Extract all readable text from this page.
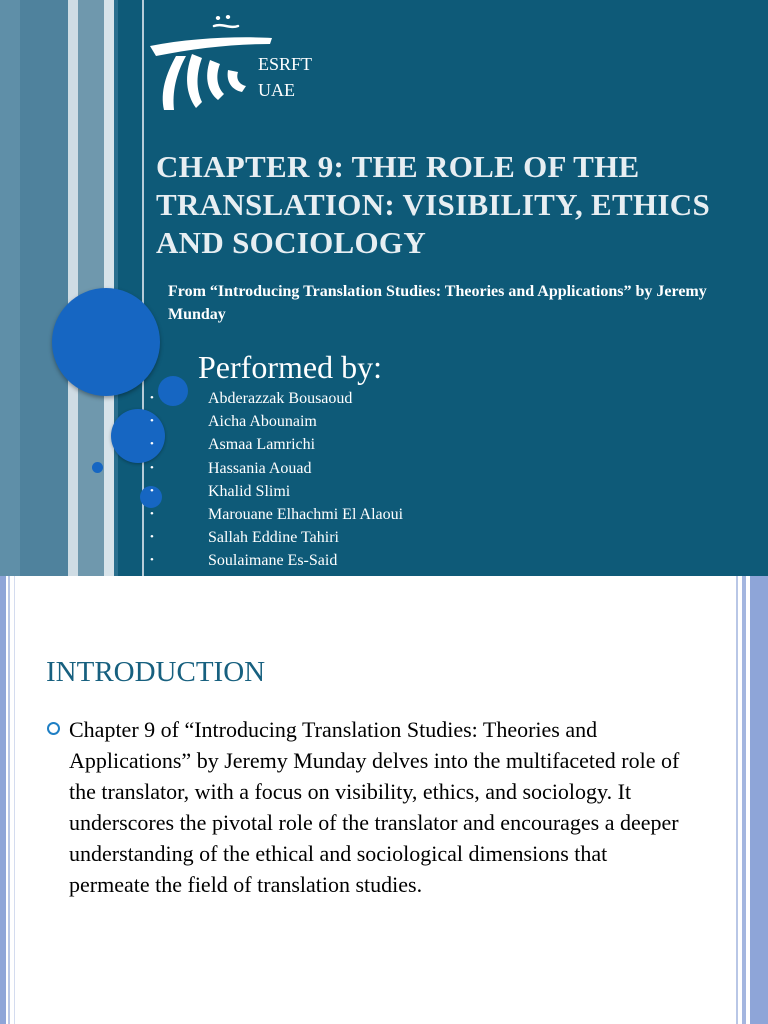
ESRFT
UAE
CHAPTER 9: THE ROLE OF THE TRANSLATION: VISIBILITY, ETHICS AND SOCIOLOGY
From “Introducing Translation Studies: Theories and Applications” by Jeremy Munday
Performed by:
•	Abderazzak Bousaoud
•	Aicha Abounaim
•	Asmaa Lamrichi
•	Hassania Aouad
•	Khalid Slimi
•	Marouane Elhachmi El Alaoui
•	Sallah Eddine Tahiri
•	Soulaimane Es-Said
INTRODUCTION

Chapter 9 of “Introducing Translation Studies: Theories and Applications” by Jeremy Munday delves into the multifaceted role of the translator, with a focus on visibility, ethics, and sociology. It underscores the pivotal role of the translator and encourages a deeper understanding of the ethical and sociological dimensions that permeate the field of translation studies.
